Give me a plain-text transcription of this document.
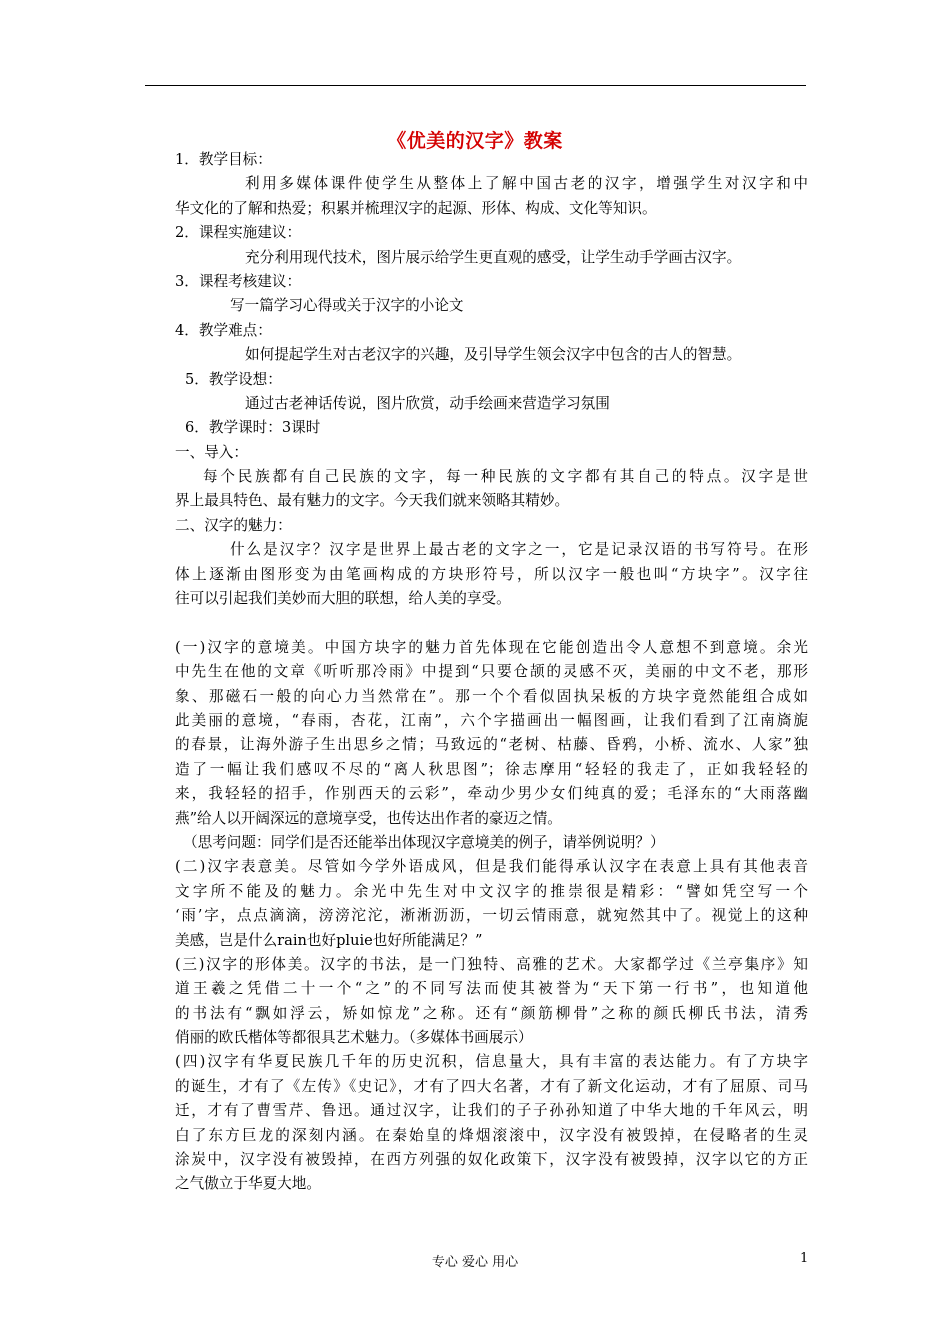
《优美的汉字》教案
1．教学目标：
利用多媒体课件使学生从整体上了解中国古老的汉字，增强学生对汉字和中
华文化的了解和热爱；积累并梳理汉字的起源、形体、构成、文化等知识。
2．课程实施建议：
充分利用现代技术，图片展示给学生更直观的感受，让学生动手学画古汉字。
3．课程考核建议：
写一篇学习心得或关于汉字的小论文
4．教学难点：
如何提起学生对古老汉字的兴趣，及引导学生领会汉字中包含的古人的智慧。
5．教学设想：
通过古老神话传说，图片欣赏，动手绘画来营造学习氛围
6．教学课时：3课时
一、导入：
每个民族都有自己民族的文字，每一种民族的文字都有其自己的特点。汉字是世
界上最具特色、最有魅力的文字。今天我们就来领略其精妙。
二、汉字的魅力：
什么是汉字？汉字是世界上最古老的文字之一，它是记录汉语的书写符号。在形
体上逐渐由图形变为由笔画构成的方块形符号，所以汉字一般也叫“方块字”。汉字往
往可以引起我们美妙而大胆的联想，给人美的享受。
(一)汉字的意境美。中国方块字的魅力首先体现在它能创造出令人意想不到意境。余光
中先生在他的文章《听听那冷雨》中提到“只要仓颉的灵感不灭，美丽的中文不老，那形
象、那磁石一般的向心力当然常在”。那一个个看似固执呆板的方块字竟然能组合成如
此美丽的意境，“春雨，杏花，江南”，六个字描画出一幅图画，让我们看到了江南旖旎
的春景，让海外游子生出思乡之情；马致远的“老树、枯藤、昏鸦，小桥、流水、人家”独
造了一幅让我们感叹不尽的“离人秋思图”；徐志摩用“轻轻的我走了，正如我轻轻的
来，我轻轻的招手，作别西天的云彩”，牵动少男少女们纯真的爱；毛泽东的“大雨落幽
燕”给人以开阔深远的意境享受，也传达出作者的豪迈之情。
（思考问题：同学们是否还能举出体现汉字意境美的例子，请举例说明？）
(二)汉字表意美。尽管如今学外语成风，但是我们能得承认汉字在表意上具有其他表音
文字所不能及的魅力。余光中先生对中文汉字的推崇很是精彩：“譬如凭空写一个
‘雨’字，点点滴滴，滂滂沱沱，淅淅沥沥，一切云情雨意，就宛然其中了。视觉上的这种
美感，岂是什么rain也好pluie也好所能满足？”
(三)汉字的形体美。汉字的书法，是一门独特、高雅的艺术。大家都学过《兰亭集序》知
道王羲之凭借二十一个“之”的不同写法而使其被誉为“天下第一行书”，也知道他
的书法有“飘如浮云，矫如惊龙”之称。还有“颜筋柳骨”之称的颜氏柳氏书法，清秀
俏丽的欧氏楷体等都很具艺术魅力。（多媒体书画展示）
(四)汉字有华夏民族几千年的历史沉积，信息量大，具有丰富的表达能力。有了方块字
的诞生，才有了《左传》《史记》，才有了四大名著，才有了新文化运动，才有了屈原、司马
迁，才有了曹雪芹、鲁迅。通过汉字，让我们的子子孙孙知道了中华大地的千年风云，明
白了东方巨龙的深刻内涵。在秦始皇的烽烟滚滚中，汉字没有被毁掉，在侵略者的生灵
涂炭中，汉字没有被毁掉，在西方列强的奴化政策下，汉字没有被毁掉，汉字以它的方正
之气傲立于华夏大地。
专心 爱心 用心	1
